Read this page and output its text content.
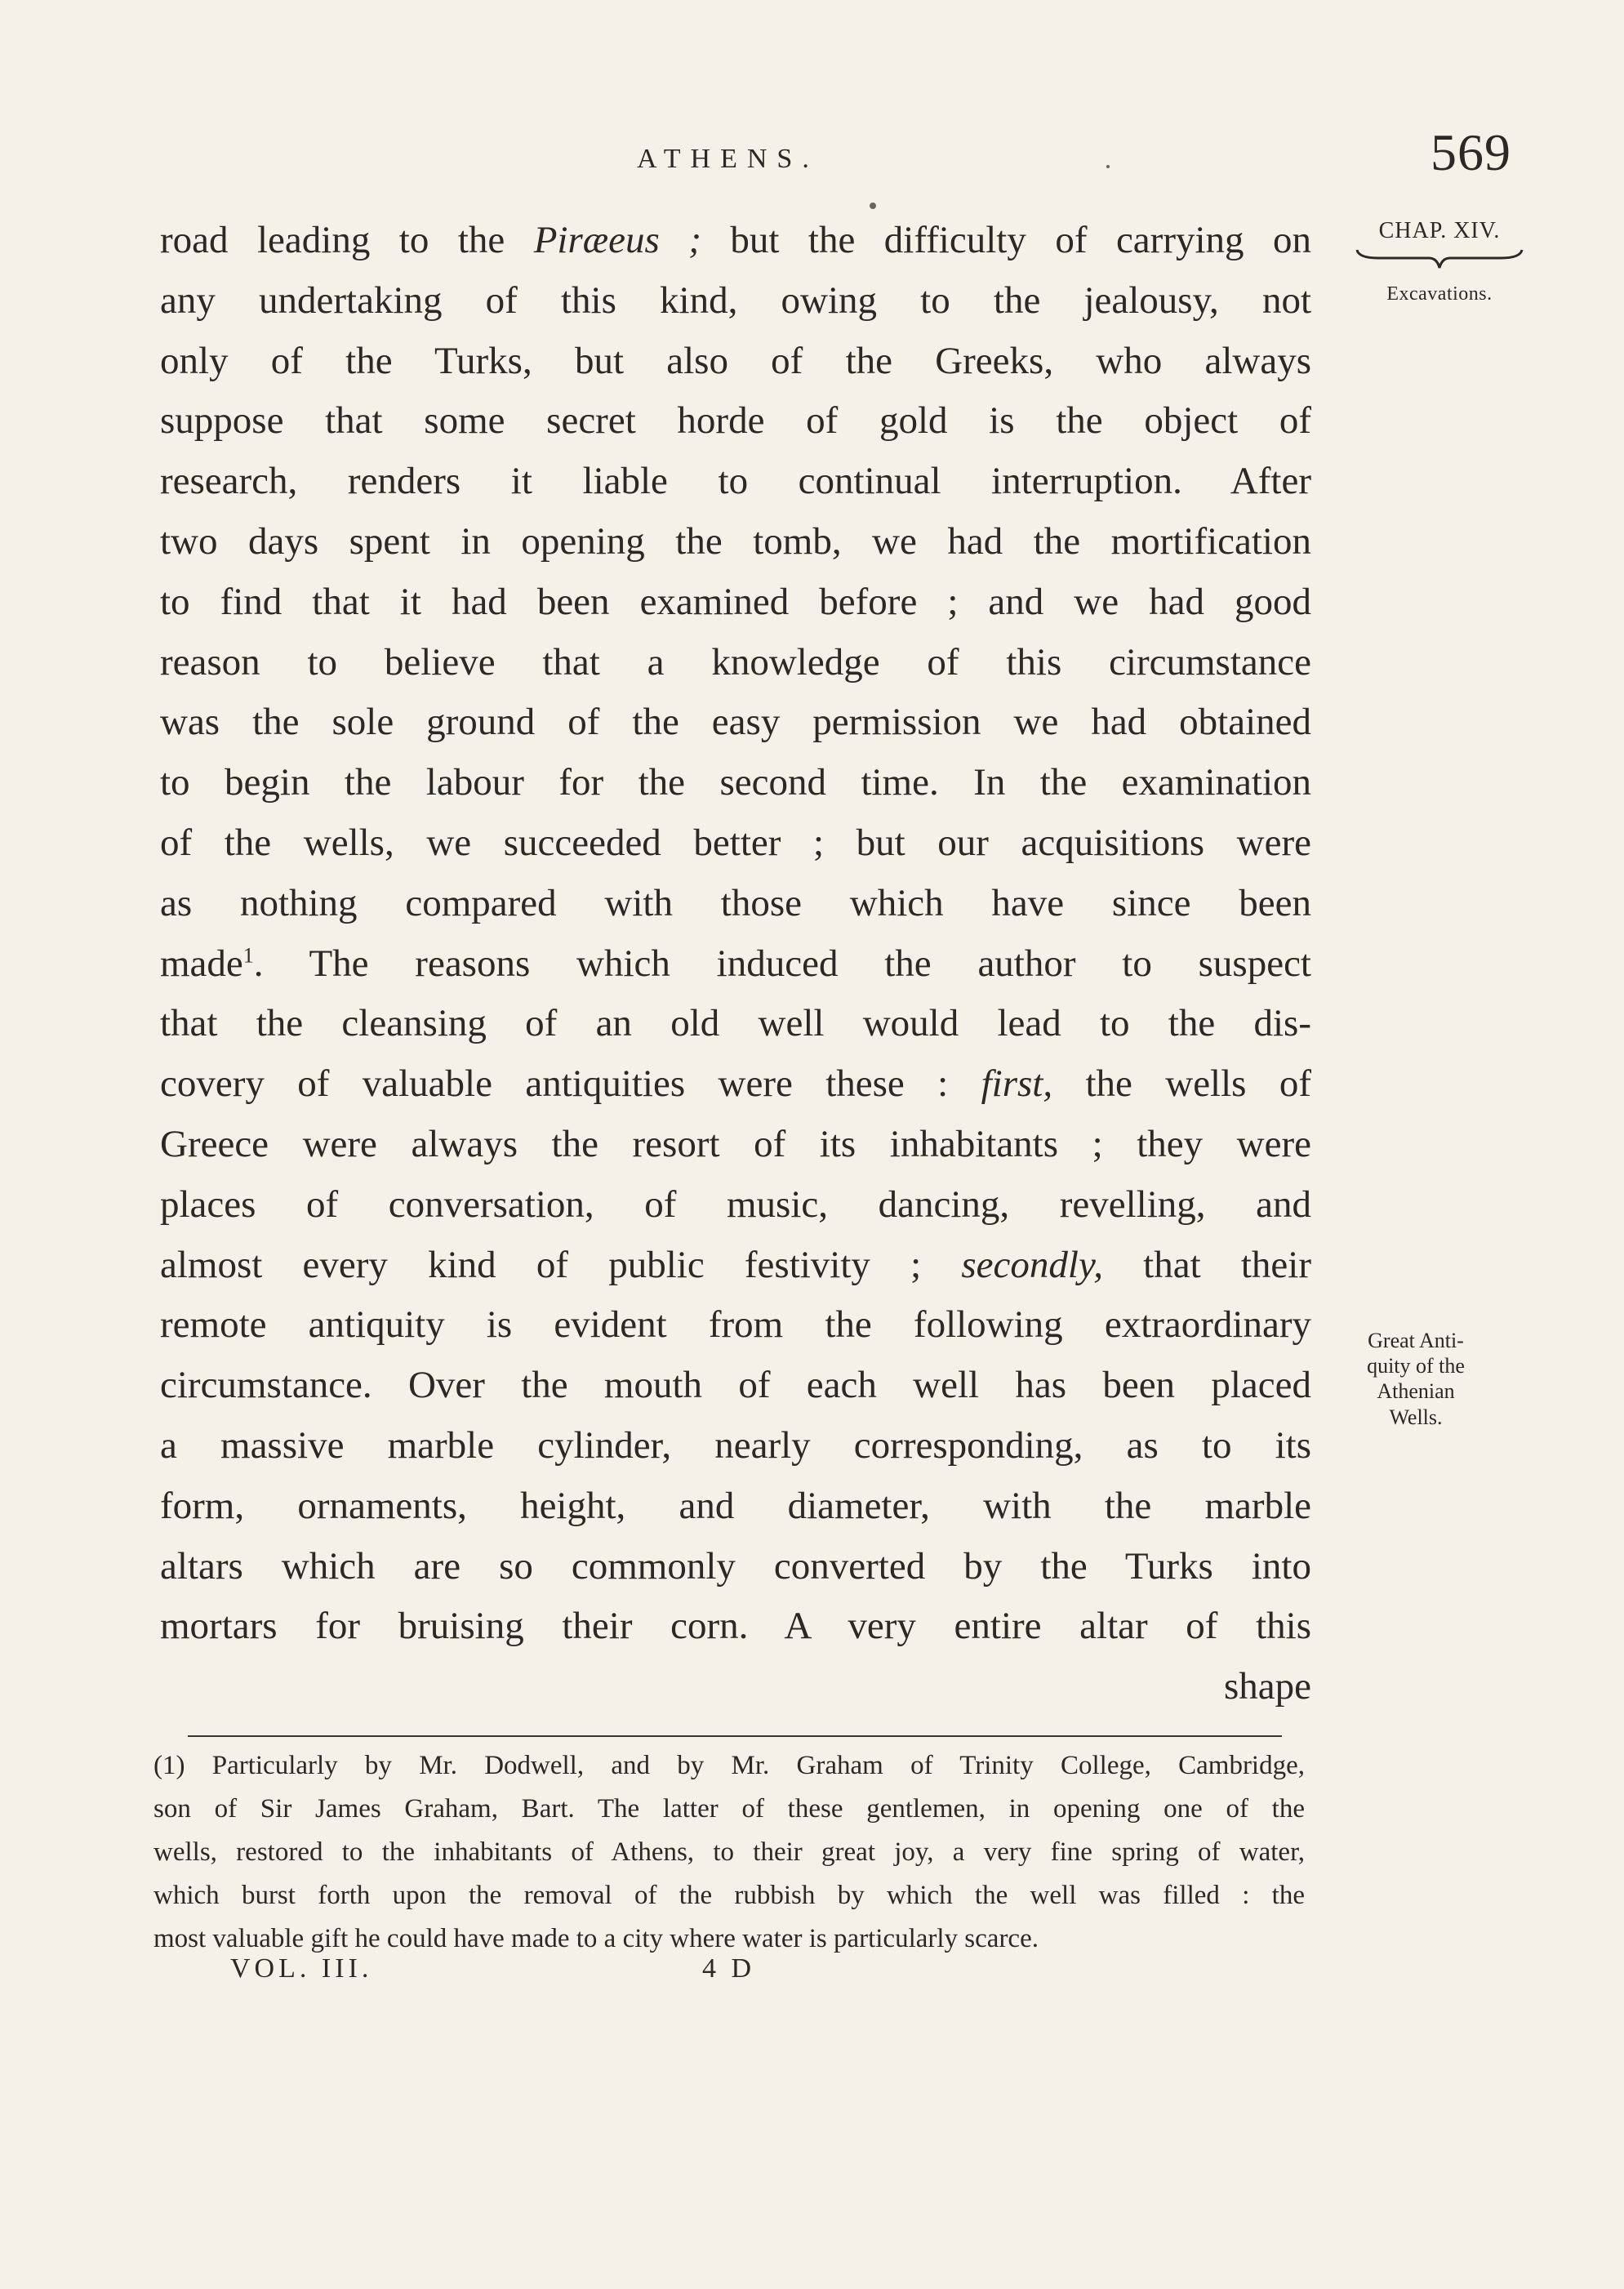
ATHENS.	569
CHAP. XIV.
Excavations.
road leading to the Piræeus ; but the difficulty of carrying on
any undertaking of this kind, owing to the jealousy, not
only of the Turks, but also of the Greeks, who always
suppose that some secret horde of gold is the object of
research, renders it liable to continual interruption. After
two days spent in opening the tomb, we had the mortification
to find that it had been examined before ; and we had good
reason to believe that a knowledge of this circumstance
was the sole ground of the easy permission we had obtained
to begin the labour for the second time. In the examination
of the wells, we succeeded better ; but our acquisitions were
as nothing compared with those which have since been
made$^1$. The reasons which induced the author to suspect
that the cleansing of an old well would lead to the dis-
covery of valuable antiquities were these : first, the wells of
Greece were always the resort of its inhabitants ; they were
places of conversation, of music, dancing, revelling, and
almost every kind of public festivity ; secondly, that their
remote antiquity is evident from the following extraordinary
circumstance. Over the mouth of each well has been placed
a massive marble cylinder, nearly corresponding, as to its
form, ornaments, height, and diameter, with the marble
altars which are so commonly converted by the Turks into
mortars for bruising their corn. A very entire altar of this
shape
Great Anti-
quity of the
Athenian
Wells.
(1) Particularly by Mr. Dodwell, and by Mr. Graham of Trinity College, Cambridge,
son of Sir James Graham, Bart. The latter of these gentlemen, in opening one of the
wells, restored to the inhabitants of Athens, to their great joy, a very fine spring of water,
which burst forth upon the removal of the rubbish by which the well was filled : the
most valuable gift he could have made to a city where water is particularly scarce.
VOL. III.	4 D
